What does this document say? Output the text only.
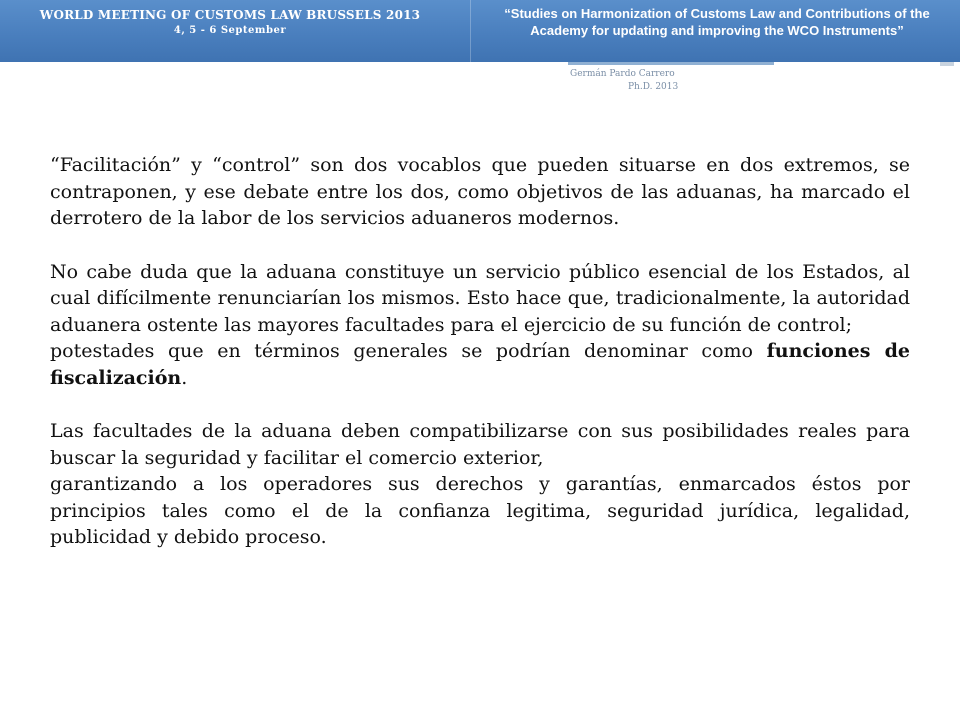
WORLD MEETING OF CUSTOMS LAW BRUSSELS 2013
4, 5 - 6 September
“Studies on Harmonization of Customs Law and Contributions of the Academy for updating and improving the WCO Instruments”
Germán Pardo Carrero
Ph.D. 2013

“Facilitación” y “control” son dos vocablos que pueden situarse en dos extremos, se contraponen, y ese debate entre los dos, como objetivos de las aduanas, ha marcado el derrotero de la labor de los servicios aduaneros modernos.

No cabe duda que la aduana constituye un servicio público esencial de los Estados, al cual difícilmente renunciarían los mismos. Esto hace que, tradicionalmente, la autoridad aduanera ostente las mayores facultades para el ejercicio de su función de control;

potestades que en términos generales se podrían denominar como funciones de fiscalización.

Las facultades de la aduana deben compatibilizarse con sus posibilidades reales para buscar la seguridad y facilitar el comercio exterior,

garantizando a los operadores sus derechos y garantías, enmarcados éstos por principios tales como el de la confianza legitima, seguridad jurídica, legalidad, publicidad y debido proceso.
